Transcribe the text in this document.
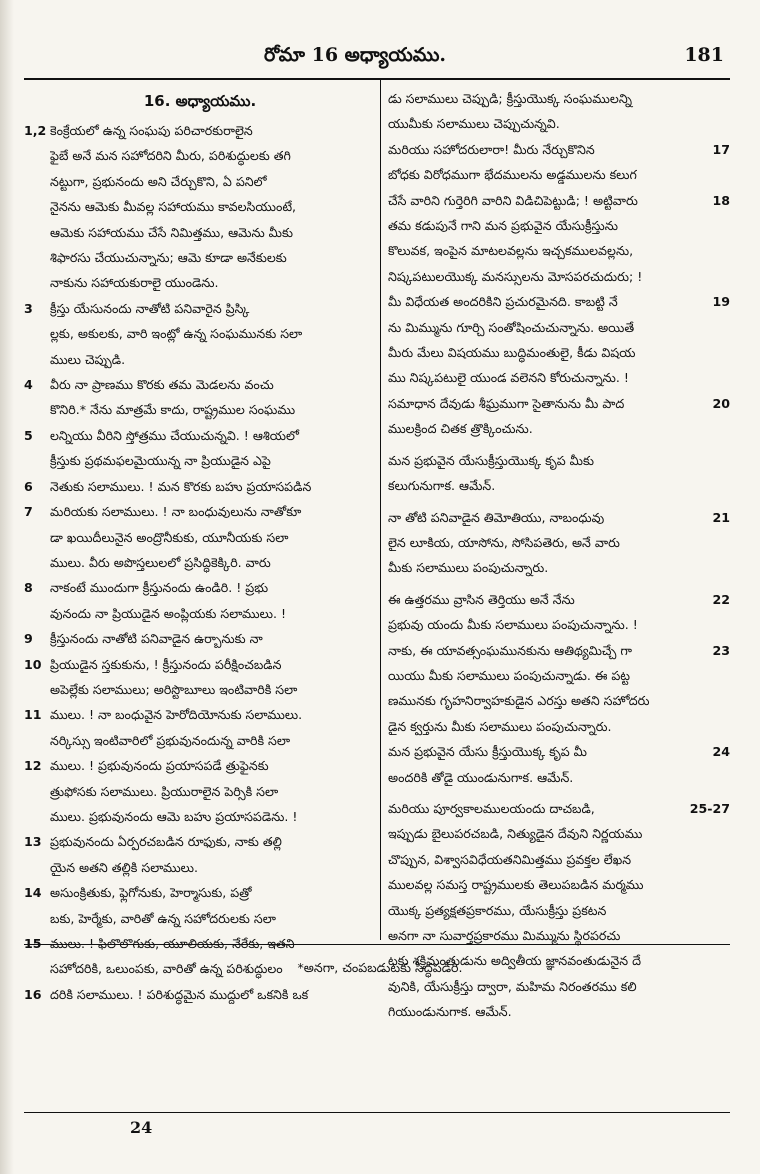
రోమా 16 అధ్యాయము.	181
16. అధ్యాయము.
1,2 కెంక్రేయలో ఉన్న సంఘపు పరిచారకురాలైన
ఫైబే అనే మన సహోదరిని మీరు, పరిశుద్ధులకు తగి
నట్టుగా, ప్రభునందు అని చేర్చుకొని, ఏ పనిలో
నైనను ఆమెకు మీవల్ల సహాయము కావలసియుంటే,
ఆమెకు సహాయము చేసే నిమిత్తము, ఆమెను మీకు
శిఫారసు చేయుచున్నాను; ఆమె కూడా అనేకులకు
నాకును సహాయకురాలై యుండెను.
3	క్రీస్తు యేసునందు నాతోటి పనివారైన ప్రిస్కి
ల్లకు, అకులకు, వారి ఇంట్లో ఉన్న సంఘమునకు సలా
ములు చెప్పుడి.
4	వీరు నా ప్రాణము కొరకు తమ మెడలను వంచు
కొనిరి.* నేను మాత్రమే కాదు, రాష్ట్రముల సంఘము
5	లన్నియు వీరిని స్తోత్రము చేయుచున్నవి. ! ఆశియలో
క్రీస్తుకు ప్రథమఫలమైయున్న నా ప్రియుడైన ఎపై
6	నెతుకు సలాములు. ! మన కొరకు బహు ప్రయాసపడిన
7	మరియకు సలాములు. ! నా బంధువులును నాతోకూ
డా ఖయిదీలునైన అంద్రొనీకుకు, యూనీయకు సలా
ములు. వీరు అపొస్తలులలో ప్రసిద్ధికెక్కిరి. వారు
8	నాకంటే ముందుగా క్రీస్తునందు ఉండిరి. ! ప్రభు
వునందు నా ప్రియుడైన అంప్లియకు సలాములు. !
9	క్రీస్తునందు నాతోటి పనివాడైన ఉర్బానుకు నా
10 ప్రియుడైన స్తకుకును, ! క్రీస్తునందు పరీక్షించబడిన
అపెల్లేకు సలాములు; అరిస్టొబూలు ఇంటివారికి సలా
11 ములు. ! నా బంధువైన హెరోదియోనుకు సలాములు.
నర్కిస్సు ఇంటివారిలో ప్రభువునందున్న వారికి సలా
12 ములు. ! ప్రభువునందు ప్రయాసపడే త్రుఫైనకు
త్రుఫోసకు సలాములు. ప్రియురాలైన పెర్సికి సలా
ములు. ప్రభువునందు ఆమె బహు ప్రయాసపడెను. !
13 ప్రభువునందు ఏర్పరచబడిన రూఫుకు, నాకు తల్లి
యైన అతని తల్లికి సలాములు.
14 అసుంక్రితుకు, ఫ్లెగోనుకు, హెర్మాసుకు, పత్రో
బకు, హెర్మేకు, వారితో ఉన్న సహోదరులకు సలా
15 ములు. ! ఫిలొలొగుకు, యూలియకు, నేరేకు, ఇతని
సహోదరికి, ఒలుంపకు, వారితో ఉన్న పరిశుద్ధులం
16 దరికి సలాములు. ! పరిశుద్ధమైన ముద్దులో ఒకనికి ఒక
డు సలాములు చెప్పుడి; క్రీస్తుయొక్క సంఘములన్ని
యుమీకు సలాములు చెప్పుచున్నవి.
మరియు సహోదరులారా! మీరు నేర్చుకొనిన	17
బోధకు విరోధముగా భేదములను అడ్డములను కలుగ
చేసే వారిని గుర్తెరిగి వారిని విడిచిపెట్టుడి; ! అట్టివారు	18
తమ కడుపునే గాని మన ప్రభువైన యేసుక్రీస్తును
కొలువక, ఇంపైన మాటలవల్లను ఇచ్చకములవల్లను,
నిష్కపటులయొక్క మనస్సులను మోసపరచుదురు; !
మీ విధేయత అందరికిని ప్రచురమైనది. కాబట్టి నే	19
ను మిమ్మును గూర్చి సంతోషించుచున్నాను. అయితే
మీరు మేలు విషయము బుద్ధిమంతులై, కీడు విషయ
ము నిష్కపటులై యుండ వలెనని కోరుచున్నాను. !
సమాధాన దేవుడు శీఘ్రముగా సైతానును మీ పాద	20
ములక్రింద చితక త్రొక్కించును.
మన ప్రభువైన యేసుక్రీస్తుయొక్క కృప మీకు
కలుగునుగాక. ఆమేన్.
నా తోటి పనివాడైన తిమోతియు, నాబంధువు	21
లైన లూకియ, యాసోను, సోసిపతెరు, అనే వారు
మీకు సలాములు పంపుచున్నారు.
ఈ ఉత్తరము వ్రాసిన తెర్తియు అనే నేను	22
ప్రభువు యందు మీకు సలాములు పంపుచున్నాను. !
నాకు, ఈ యావత్సంఘమునకును ఆతిథ్యమిచ్చే గా	23
యియు మీకు సలాములు పంపుచున్నాడు. ఈ పట్ట
ణమునకు గృహనిర్వాహకుడైన ఎరస్తు అతని సహోదరు
డైన క్వర్తును మీకు సలాములు పంపుచున్నారు.
మన ప్రభువైన యేసు క్రీస్తుయొక్క కృప మీ	24
అందరికి తోడై యుండునుగాక. ఆమేన్.
మరియు పూర్వకాలములయందు దాచబడి,	25-27
ఇప్పుడు బైలుపరచబడి, నిత్యుడైన దేవుని నిర్ణయము
చొప్పున, విశ్వాసవిధేయతనిమిత్తము ప్రవక్తల లేఖన
ములవల్ల సమస్త రాష్ట్రములకు తెలుపబడిన మర్మము
యొక్క ప్రత్యక్షతప్రకారము, యేసుక్రీస్తు ప్రకటన
అనగా నా సువార్తప్రకారము మిమ్మును స్థిరపరచు
టకు శక్తిమంతుడును అద్వితీయ జ్ఞానవంతుడునైన దే
వునికి, యేసుక్రీస్తు ద్వారా, మహిమ నిరంతరము కలి
గియుండునుగాక. ఆమేన్.
*అనగా, చంపబడుటకు సిద్ధపడిరి.
24
